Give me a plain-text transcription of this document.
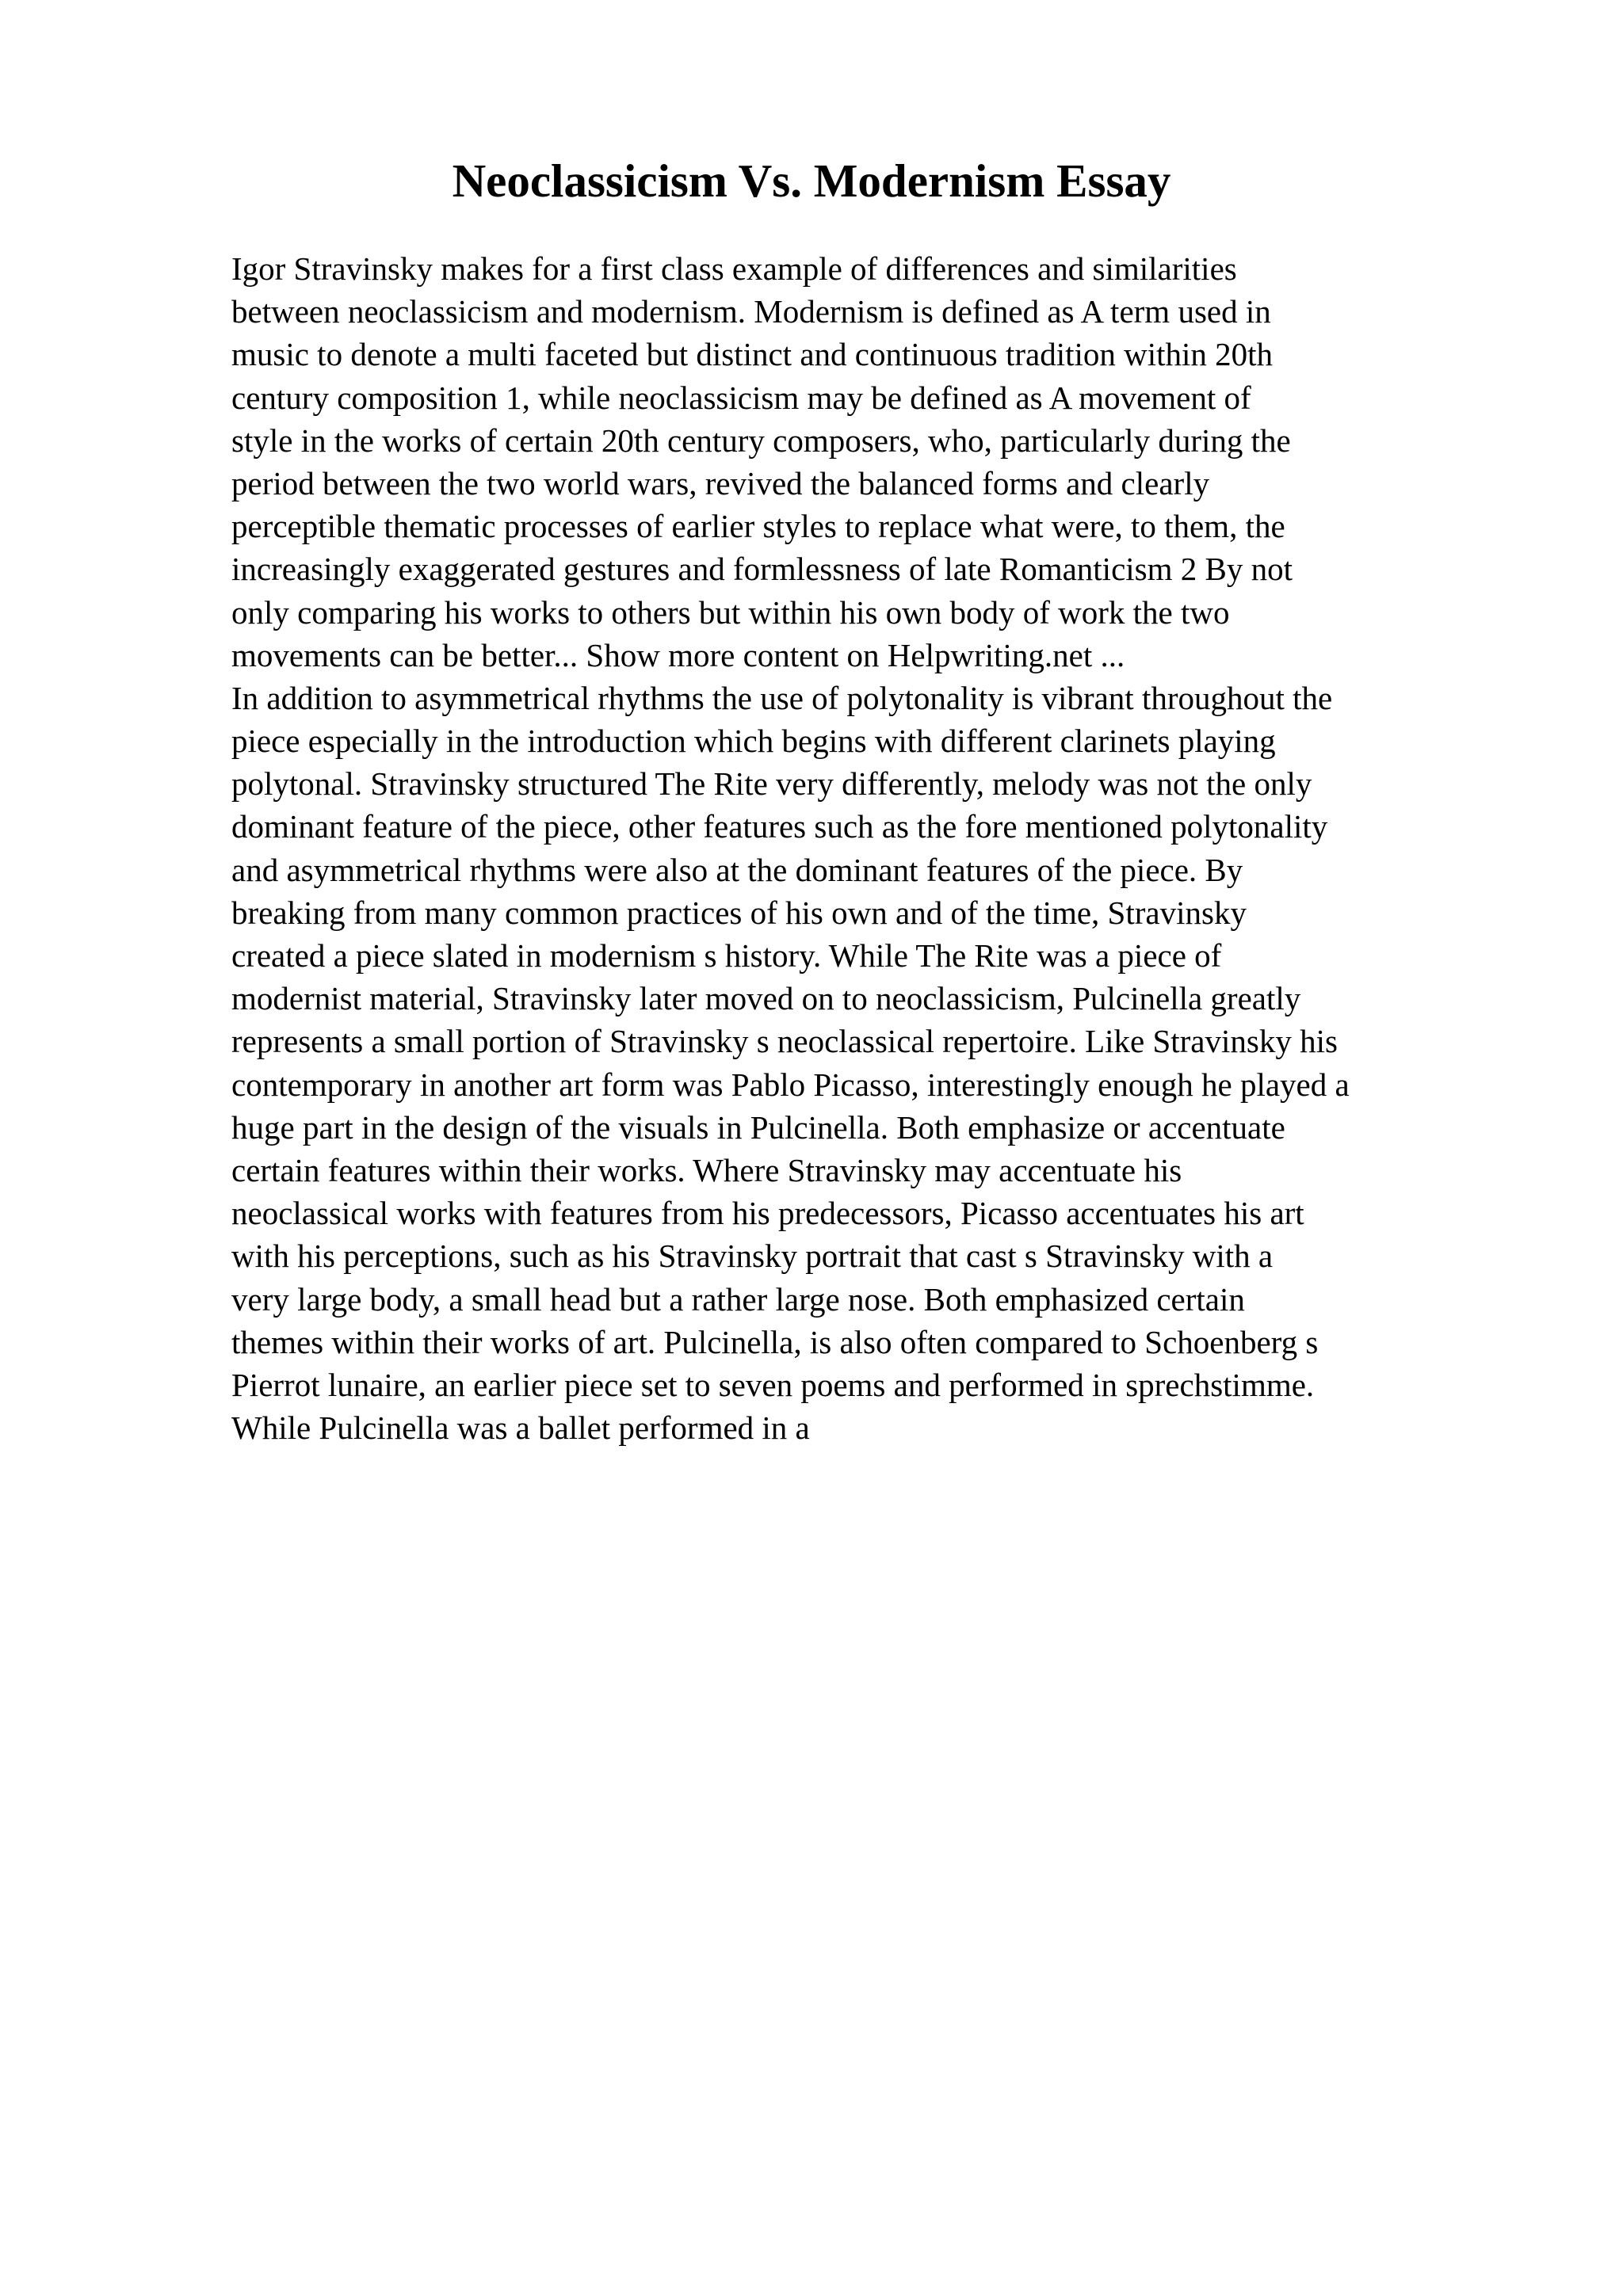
Neoclassicism Vs. Modernism Essay
Igor Stravinsky makes for a first class example of differences and similarities
between neoclassicism and modernism. Modernism is defined as A term used in
music to denote a multi faceted but distinct and continuous tradition within 20th
century composition 1, while neoclassicism may be defined as A movement of
style in the works of certain 20th century composers, who, particularly during the
period between the two world wars, revived the balanced forms and clearly
perceptible thematic processes of earlier styles to replace what were, to them, the
increasingly exaggerated gestures and formlessness of late Romanticism 2 By not
only comparing his works to others but within his own body of work the two
movements can be better... Show more content on Helpwriting.net ...
In addition to asymmetrical rhythms the use of polytonality is vibrant throughout the
piece especially in the introduction which begins with different clarinets playing
polytonal. Stravinsky structured The Rite very differently, melody was not the only
dominant feature of the piece, other features such as the fore mentioned polytonality
and asymmetrical rhythms were also at the dominant features of the piece. By
breaking from many common practices of his own and of the time, Stravinsky
created a piece slated in modernism s history. While The Rite was a piece of
modernist material, Stravinsky later moved on to neoclassicism, Pulcinella greatly
represents a small portion of Stravinsky s neoclassical repertoire. Like Stravinsky his
contemporary in another art form was Pablo Picasso, interestingly enough he played a
huge part in the design of the visuals in Pulcinella. Both emphasize or accentuate
certain features within their works. Where Stravinsky may accentuate his
neoclassical works with features from his predecessors, Picasso accentuates his art
with his perceptions, such as his Stravinsky portrait that cast s Stravinsky with a
very large body, a small head but a rather large nose. Both emphasized certain
themes within their works of art. Pulcinella, is also often compared to Schoenberg s
Pierrot lunaire, an earlier piece set to seven poems and performed in sprechstimme.
While Pulcinella was a ballet performed in a
